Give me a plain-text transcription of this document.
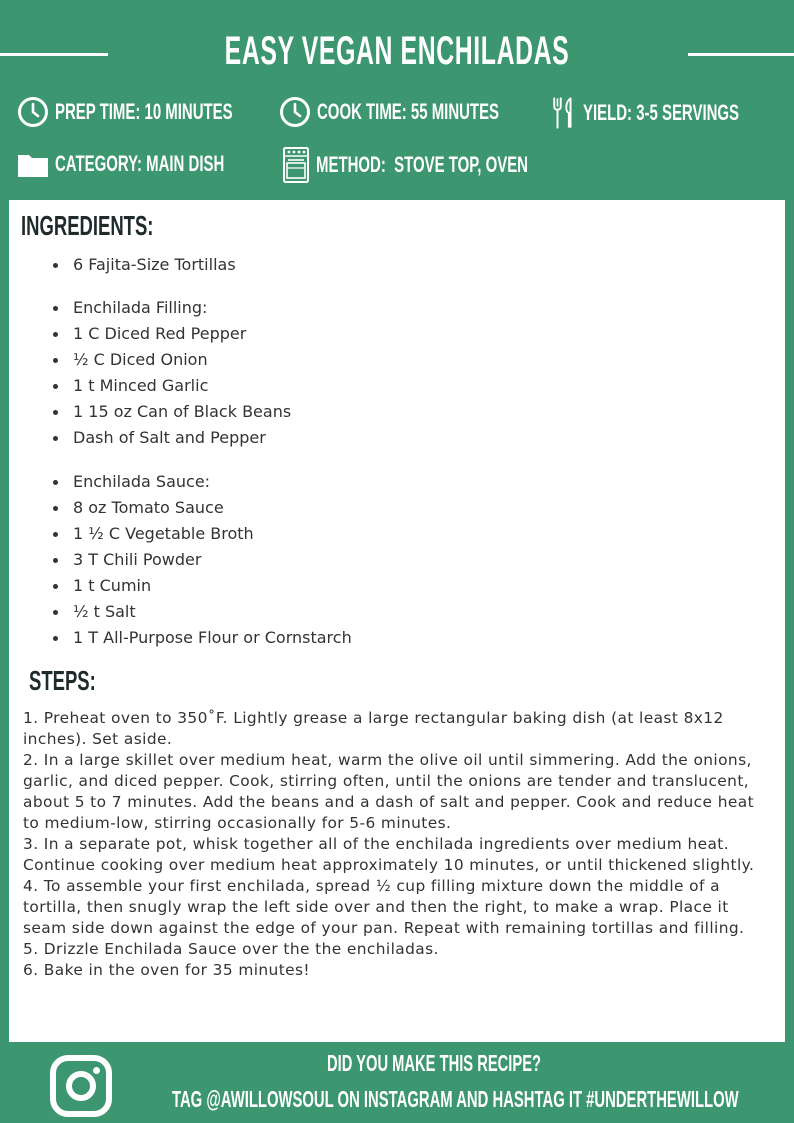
EASY VEGAN ENCHILADAS
PREP TIME: 10 MINUTES	COOK TIME: 55 MINUTES	YIELD: 3-5 SERVINGS
CATEGORY: MAIN DISH	METHOD:  STOVE TOP, OVEN
INGREDIENTS:
6 Fajita-Size Tortillas
Enchilada Filling:
1 C Diced Red Pepper
½ C Diced Onion
1 t Minced Garlic
1 15 oz Can of Black Beans
Dash of Salt and Pepper
Enchilada Sauce:
8 oz Tomato Sauce
1 ½ C Vegetable Broth
3 T Chili Powder
1 t Cumin
½ t Salt
1 T All-Purpose Flour or Cornstarch
STEPS:

1. Preheat oven to 350˚F. Lightly grease a large rectangular baking dish (at least 8x12 inches). Set aside.

2. In a large skillet over medium heat, warm the olive oil until simmering. Add the onions, garlic, and diced pepper. Cook, stirring often, until the onions are tender and translucent, about 5 to 7 minutes. Add the beans and a dash of salt and pepper. Cook and reduce heat to medium-low, stirring occasionally for 5-6 minutes.

3. In a separate pot, whisk together all of the enchilada ingredients over medium heat. Continue cooking over medium heat approximately 10 minutes, or until thickened slightly.

4. To assemble your first enchilada, spread ½ cup filling mixture down the middle of a tortilla, then snugly wrap the left side over and then the right, to make a wrap. Place it seam side down against the edge of your pan. Repeat with remaining tortillas and filling.

5. Drizzle Enchilada Sauce over the the enchiladas.

6. Bake in the oven for 35 minutes!

DID YOU MAKE THIS RECIPE?
TAG @AWILLOWSOUL ON INSTAGRAM AND HASHTAG IT #UNDERTHEWILLOW
